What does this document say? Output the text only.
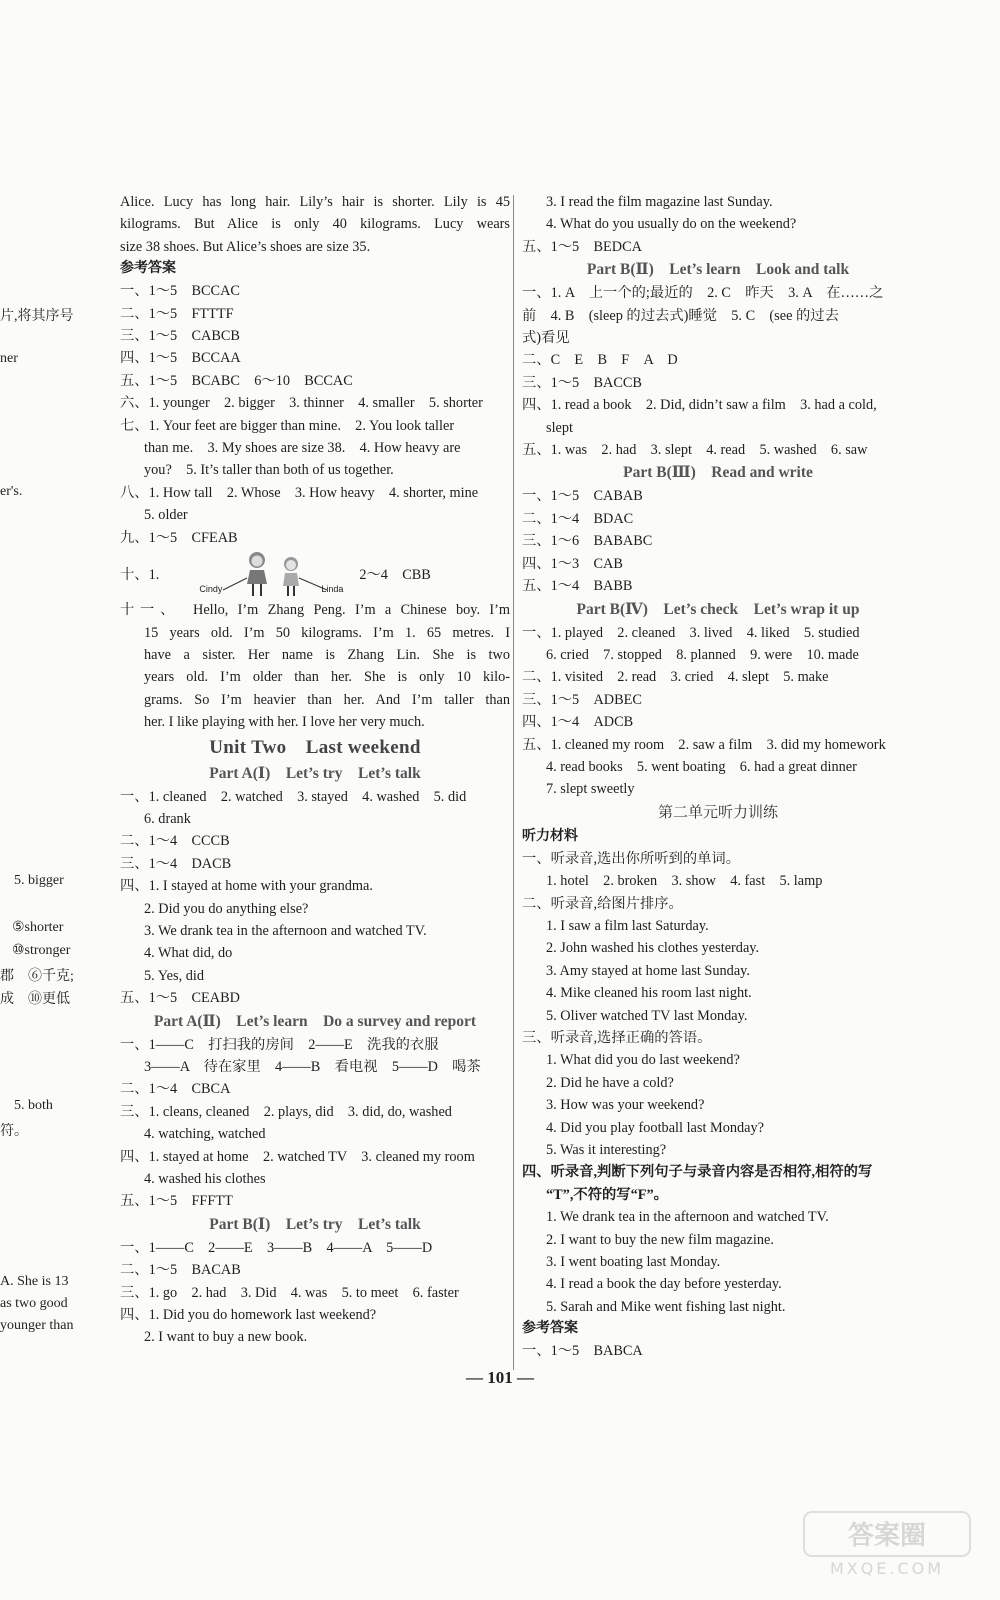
片,将其序号
ner
er's.
5. bigger
⑤shorter
⑩stronger
郡　⑥千克;
成　⑩更低
5. both
符。
A. She is 13
as two good
younger than
Alice. Lucy has long hair. Lily’s hair is shorter. Lily is 45
kilograms. But Alice is only 40 kilograms. Lucy wears
size 38 shoes. But Alice’s shoes are size 35.
参考答案
一、1～5　BCCAC
二、1～5　FTTTF
三、1～5　CABCB
四、1～5　BCCAA
五、1～5　BCABC　6～10　BCCAC
六、1. younger　2. bigger　3. thinner　4. smaller　5. shorter
七、1. Your feet are bigger than mine.　2. You look taller
than me.　3. My shoes are size 38.　4. How heavy are
you?　5. It’s taller than both of us together.
八、1. How tall　2. Whose　3. How heavy　4. shorter, mine
5. older
九、1～5　CFEAB
十、1.
Cindy	Linda
2～4　CBB
十一、　Hello, I’m Zhang Peng. I’m a Chinese boy. I’m
15 years old. I’m 50 kilograms. I’m 1. 65 metres. I
have a sister. Her name is Zhang Lin. She is two
years old. I’m older than her. She is only 10 kilo-
grams. So I’m heavier than her. And I’m taller than
her. I like playing with her. I love her very much.
Unit Two　Last weekend
Part A(Ⅰ)　Let’s try　Let’s talk
一、1. cleaned　2. watched　3. stayed　4. washed　5. did
6. drank
二、1～4　CCCB
三、1～4　DACB
四、1. I stayed at home with your grandma.
2. Did you do anything else?
3. We drank tea in the afternoon and watched TV.
4. What did, do
5. Yes, did
五、1～5　CEABD
Part A(Ⅱ)　Let’s learn　Do a survey and report
一、1——C　打扫我的房间　2——E　洗我的衣服
3——A　待在家里　4——B　看电视　5——D　喝茶
二、1～4　CBCA
三、1. cleans, cleaned　2. plays, did　3. did, do, washed
4. watching, watched
四、1. stayed at home　2. watched TV　3. cleaned my room
4. washed his clothes
五、1～5　FFFTT
Part B(Ⅰ)　Let’s try　Let’s talk
一、1——C　2——E　3——B　4——A　5——D
二、1～5　BACAB
三、1. go　2. had　3. Did　4. was　5. to meet　6. faster
四、1. Did you do homework last weekend?
2. I want to buy a new book.
3. I read the film magazine last Sunday.
4. What do you usually do on the weekend?
五、1～5　BEDCA
Part B(Ⅱ)　Let’s learn　Look and talk
一、1. A　上一个的;最近的　2. C　昨天　3. A　在……之
前　4. B　(sleep 的过去式)睡觉　5. C　(see 的过去
式)看见
二、C　E　B　F　A　D
三、1～5　BACCB
四、1. read a book　2. Did, didn’t saw a film　3. had a cold,
slept
五、1. was　2. had　3. slept　4. read　5. washed　6. saw
Part B(Ⅲ)　Read and write
一、1～5　CABAB
二、1～4　BDAC
三、1～6　BABABC
四、1～3　CAB
五、1～4　BABB
Part B(Ⅳ)　Let’s check　Let’s wrap it up
一、1. played　2. cleaned　3. lived　4. liked　5. studied
6. cried　7. stopped　8. planned　9. were　10. made
二、1. visited　2. read　3. cried　4. slept　5. make
三、1～5　ADBEC
四、1～4　ADCB
五、1. cleaned my room　2. saw a film　3. did my homework
4. read books　5. went boating　6. had a great dinner
7. slept sweetly
第二单元听力训练
听力材料
一、听录音,选出你所听到的单词。
1. hotel　2. broken　3. show　4. fast　5. lamp
二、听录音,给图片排序。
1. I saw a film last Saturday.
2. John washed his clothes yesterday.
3. Amy stayed at home last Sunday.
4. Mike cleaned his room last night.
5. Oliver watched TV last Monday.
三、听录音,选择正确的答语。
1. What did you do last weekend?
2. Did he have a cold?
3. How was your weekend?
4. Did you play football last Monday?
5. Was it interesting?
四、听录音,判断下列句子与录音内容是否相符,相符的写
“T”,不符的写“F”。
1. We drank tea in the afternoon and watched TV.
2. I want to buy the new film magazine.
3. I went boating last Monday.
4. I read a book the day before yesterday.
5. Sarah and Mike went fishing last night.
参考答案
一、1～5　BABCA
— 101 —
答案圈
MXQE.COM
